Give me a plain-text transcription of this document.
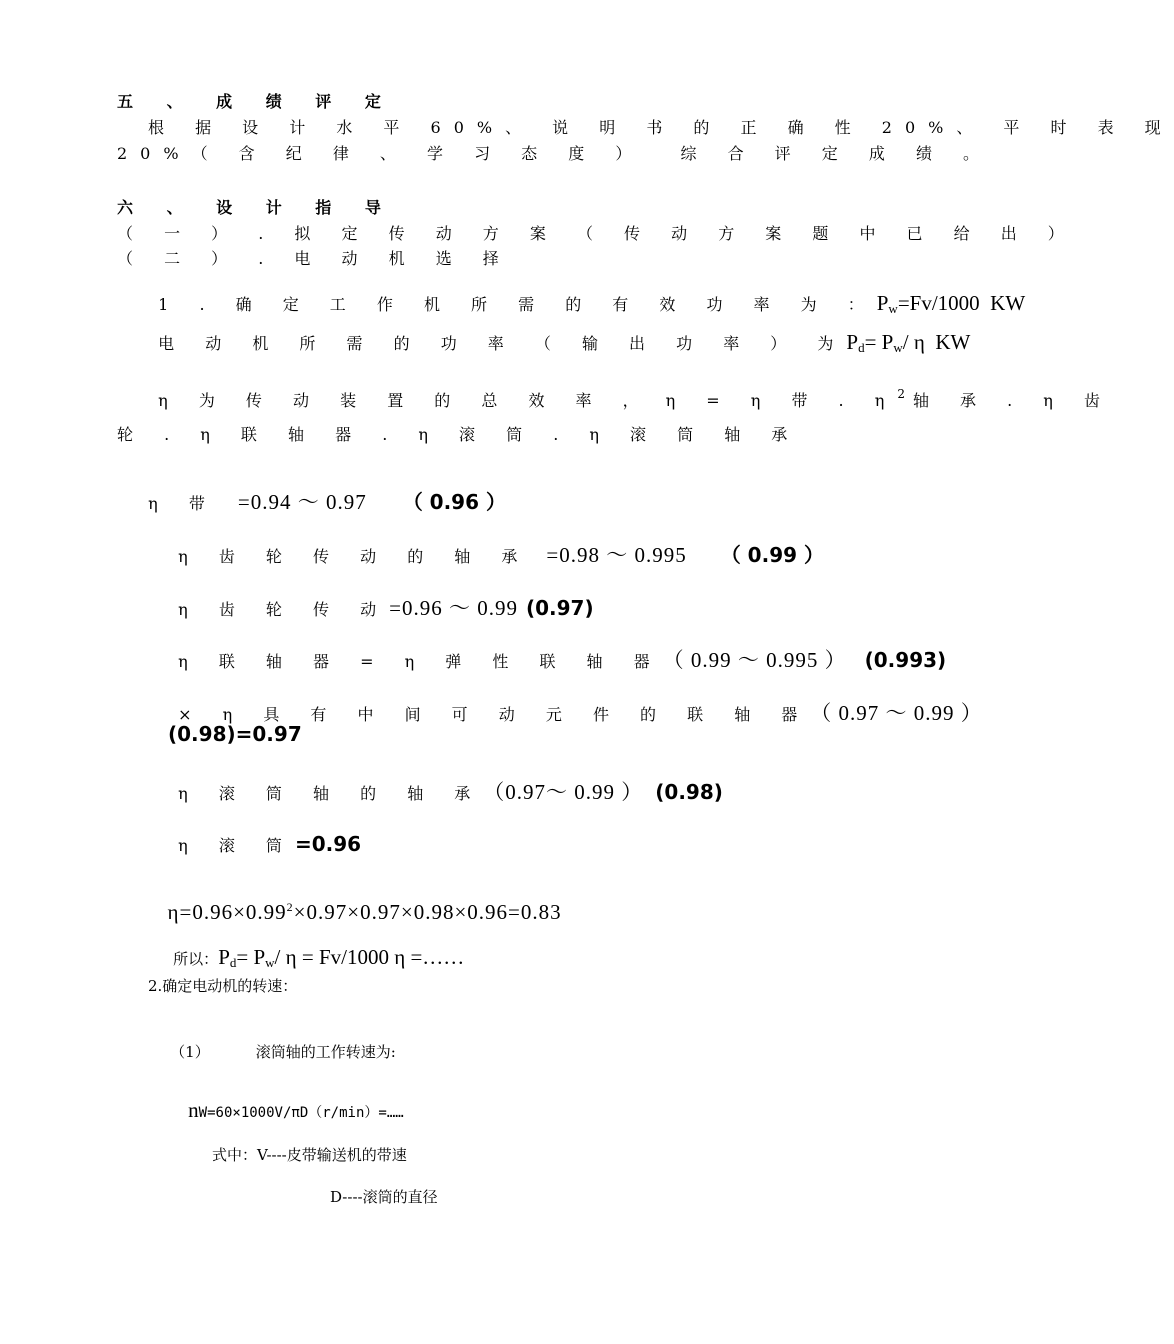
五 、 成 绩 评 定
根 据 设 计 水 平 60%、 说 明 书 的 正 确 性 20%、 平 时 表 现
20%（ 含 纪 律 、 学 习 态 度 ）  综 合 评 定 成 绩 。
六 、 设 计 指 导
（ 一 ） . 拟 定 传 动 方 案 （ 传 动 方 案 题 中 已 给 出 ）
（ 二 ） . 电 动 机 选 择

1 . 确 定 工 作 机 所 需 的 有 效 功 率 为 ：$P_w=Fv/1000$  KW

电 动 机 所 需 的 功 率 （ 输 出 功 率 ） 为$P_d= P_w/$ η  KW

η 为 传 动 装 置 的 总 效 率 ， η = η 带 . $\eta^2$ 轴 承 . η 齿

轮 . η 联 轴 器 . η 滚 筒 . η 滚 筒 轴 承

η 带 =0.94 ～ 0.97 （ 0.96 ）

η 齿 轮 传 动 的 轴 承 =0.98 ～ 0.995 （ 0.99 ）

η 齿 轮 传 动=0.96 ～ 0.99 (0.97)

η 联 轴 器 = η 弹 性 联 轴 器（ 0.99 ～ 0.995 ） (0.993)

× η 具 有 中 间 可 动 元 件 的 联 轴 器（ 0.97 ～ 0.99 ）

(0.98)=0.97

η 滚 筒 轴 的 轴 承（0.97～ 0.99 ） (0.98)

η 滚 筒=0.96

$\eta=0.96\times 0.99^2\times 0.97\times 0.97\times 0.98\times 0.96=0.83$

所以：$P_d= P_w/$ η = Fv/1000 η =……

2.确定电动机的转速：

（1）	滚筒轴的工作转速为:

nW=60×1000V/πD（r/min）=……

式中：V----皮带输送机的带速
D----滚筒的直径
